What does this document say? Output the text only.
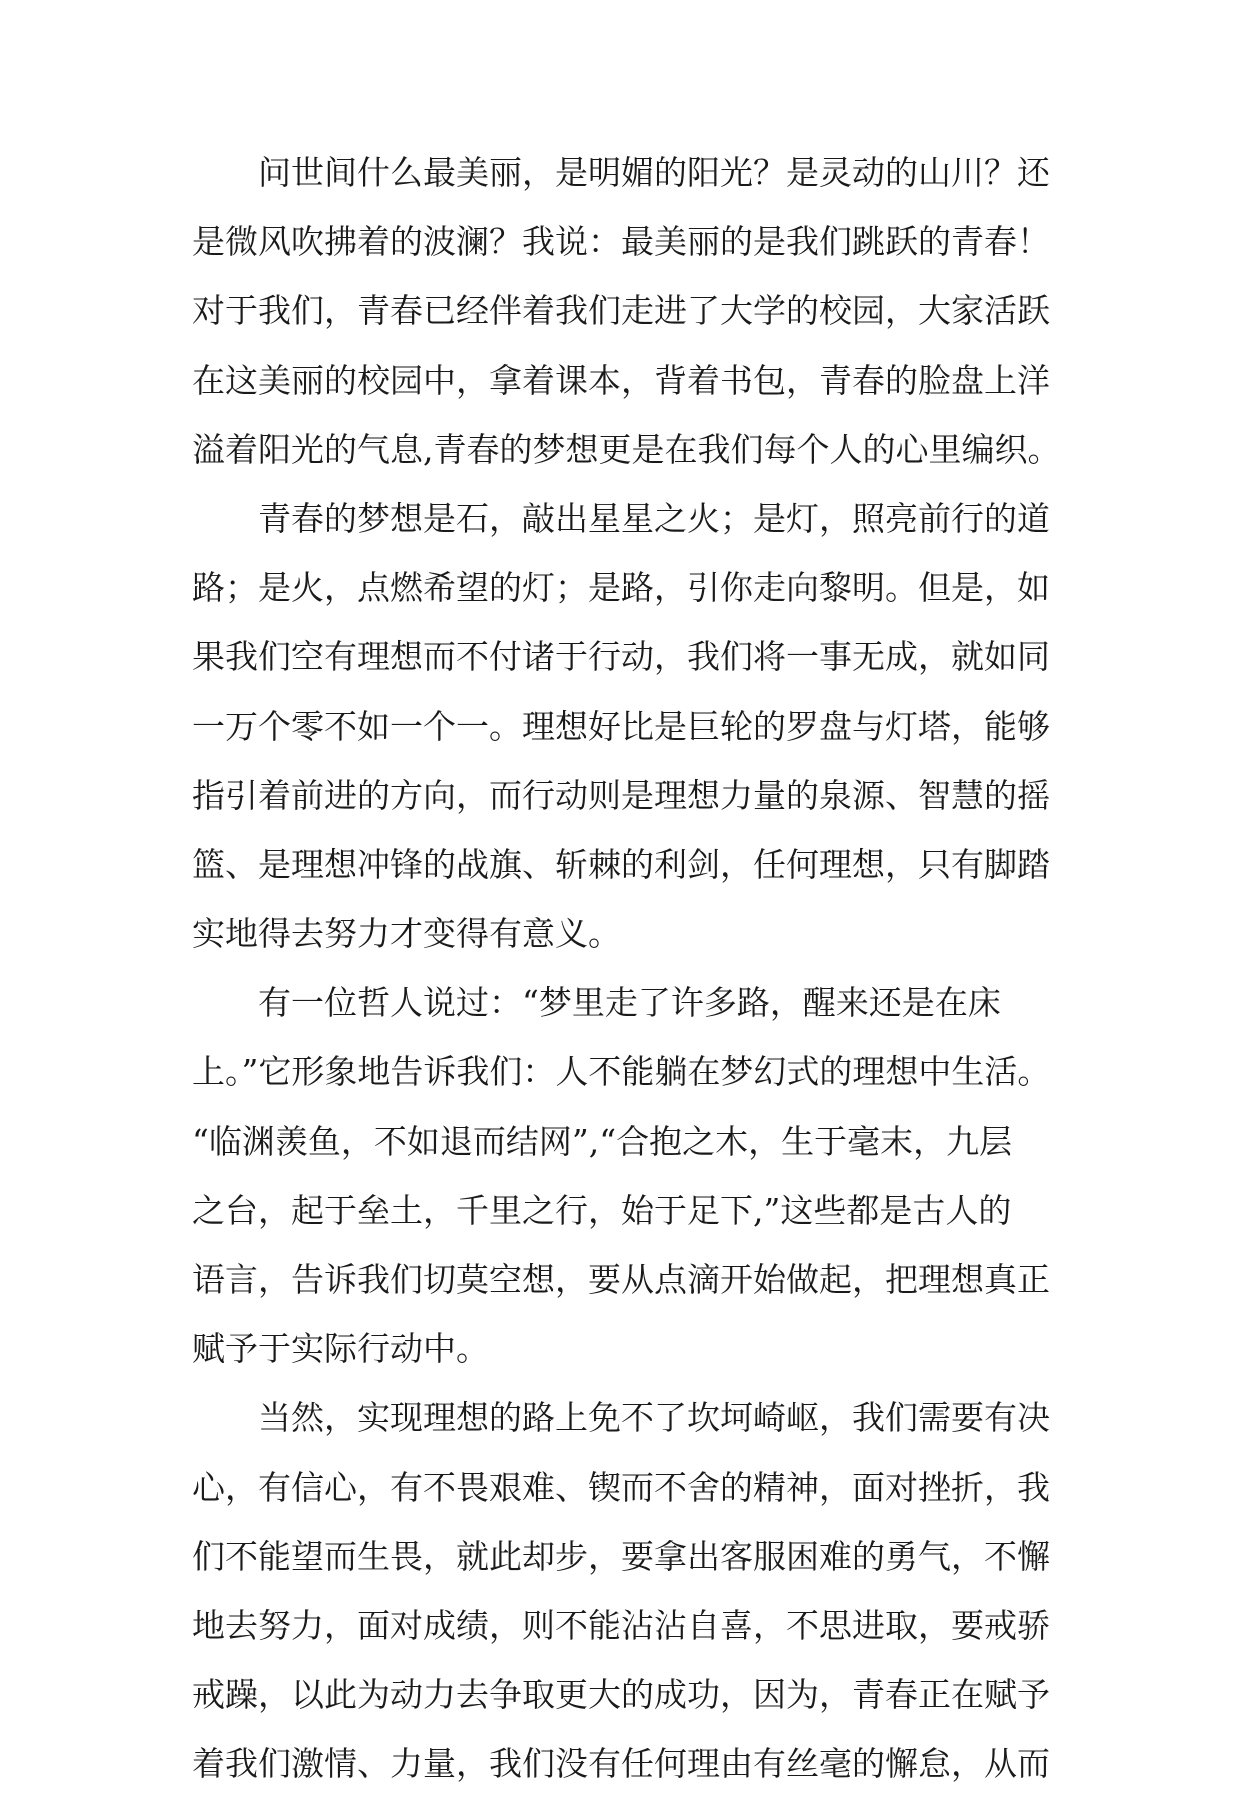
问世间什么最美丽，是明媚的阳光？是灵动的山川？还
是微风吹拂着的波澜？我说：最美丽的是我们跳跃的青春！
对于我们，青春已经伴着我们走进了大学的校园，大家活跃
在这美丽的校园中，拿着课本，背着书包，青春的脸盘上洋
溢着阳光的气息,青春的梦想更是在我们每个人的心里编织。

青春的梦想是石，敲出星星之火；是灯，照亮前行的道
路；是火，点燃希望的灯；是路，引你走向黎明。但是，如
果我们空有理想而不付诸于行动，我们将一事无成，就如同
一万个零不如一个一。理想好比是巨轮的罗盘与灯塔，能够
指引着前进的方向，而行动则是理想力量的泉源、智慧的摇
篮、是理想冲锋的战旗、斩棘的利剑，任何理想，只有脚踏
实地得去努力才变得有意义。

有一位哲人说过：“梦里走了许多路，醒来还是在床
上。”它形象地告诉我们：人不能躺在梦幻式的理想中生活。
“临渊羡鱼，不如退而结网”,“合抱之木，生于毫末，九层
之台，起于垒土，千里之行，始于足下,”这些都是古人的
语言，告诉我们切莫空想，要从点滴开始做起，把理想真正
赋予于实际行动中。

当然，实现理想的路上免不了坎坷崎岖，我们需要有决
心，有信心，有不畏艰难、锲而不舍的精神，面对挫折，我
们不能望而生畏，就此却步，要拿出客服困难的勇气，不懈
地去努力，面对成绩，则不能沾沾自喜，不思进取，要戒骄
戒躁，以此为动力去争取更大的成功，因为，青春正在赋予
着我们激情、力量，我们没有任何理由有丝毫的懈怠，从而
